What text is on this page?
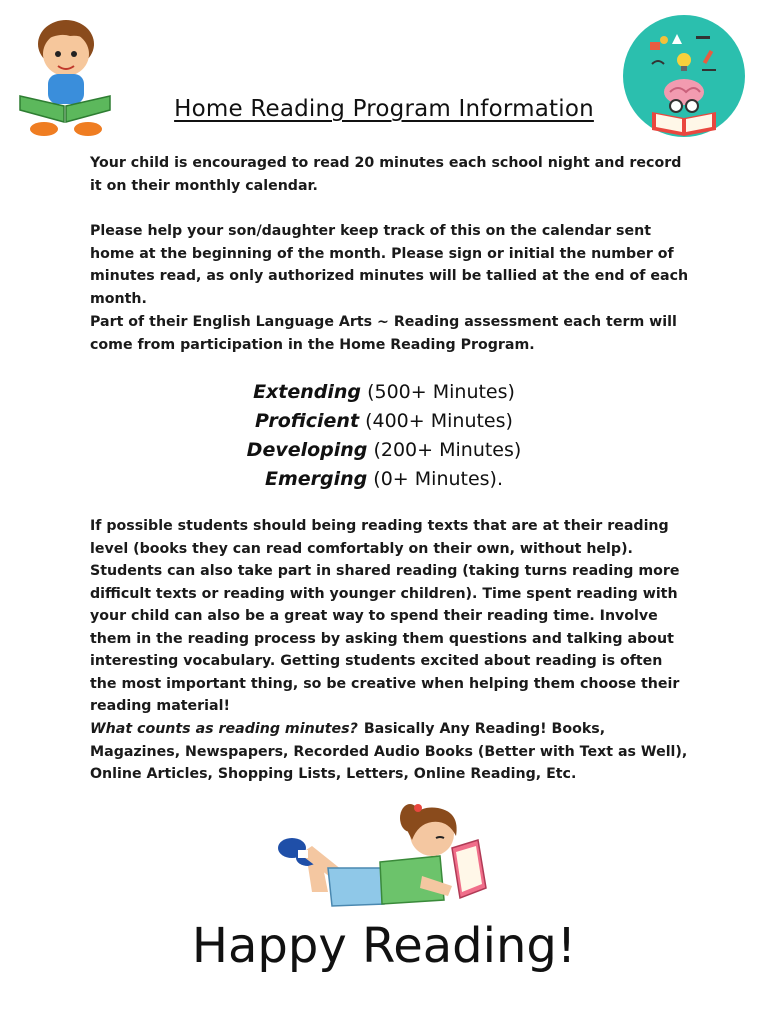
Home Reading Program Information
Your child is encouraged to read 20 minutes each school night and record it on their monthly calendar.
Please help your son/daughter keep track of this on the calendar sent home at the beginning of the month. Please sign or initial the number of minutes read, as only authorized minutes will be tallied at the end of each month.
Part of their English Language Arts ~ Reading assessment each term will come from participation in the Home Reading Program.
Extending (500+ Minutes)
Proficient (400+ Minutes)
Developing (200+ Minutes)
Emerging (0+ Minutes).
If possible students should being reading texts that are at their reading level (books they can read comfortably on their own, without help). Students can also take part in shared reading (taking turns reading more difficult texts or reading with younger children). Time spent reading with your child can also be a great way to spend their reading time. Involve them in the reading process by asking them questions and talking about interesting vocabulary. Getting students excited about reading is often the most important thing, so be creative when helping them choose their reading material!
What counts as reading minutes? Basically Any Reading! Books, Magazines, Newspapers, Recorded Audio Books (Better with Text as Well), Online Articles, Shopping Lists, Letters, Online Reading, Etc.
Happy Reading!
